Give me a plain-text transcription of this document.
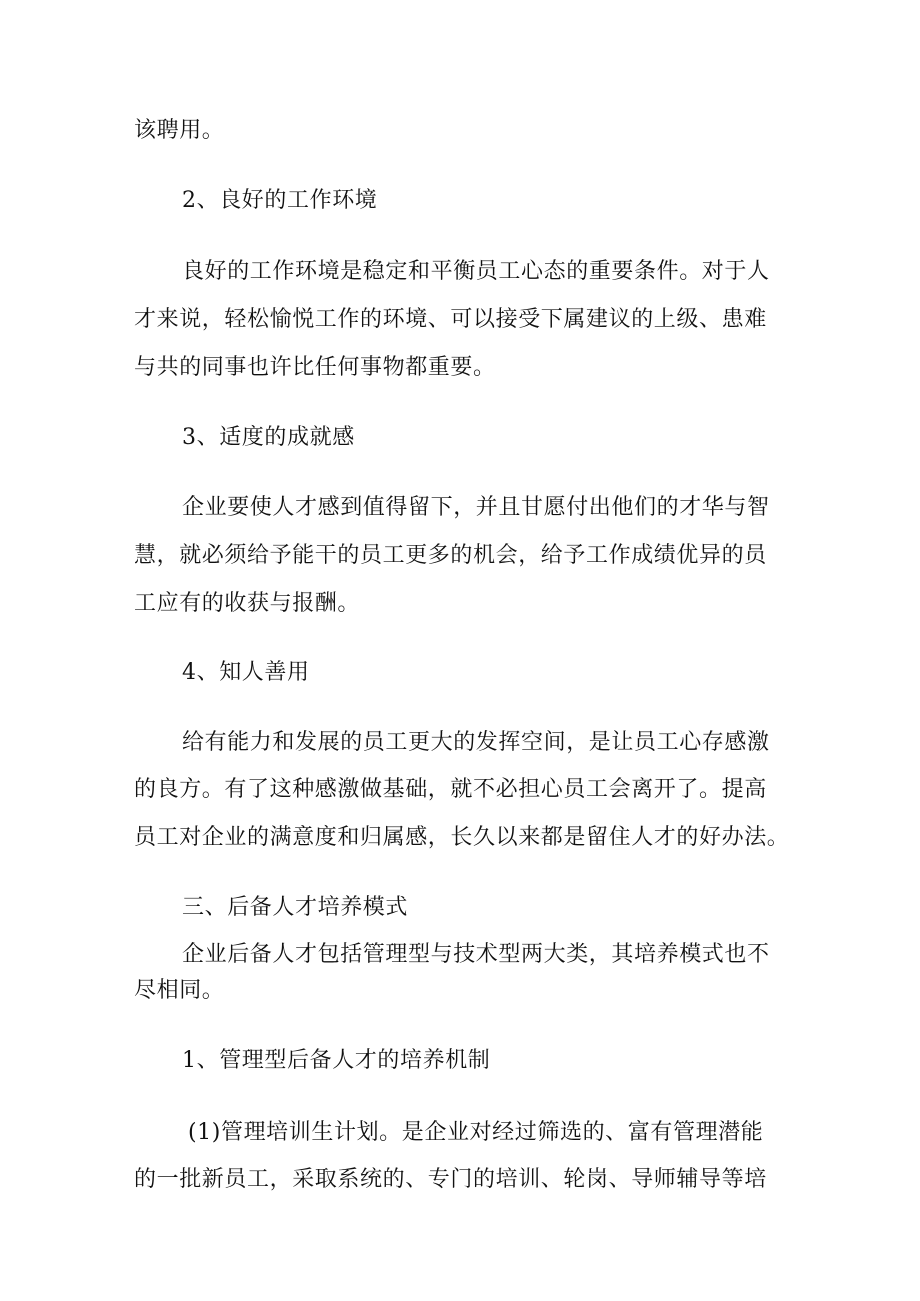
该聘用。
2、良好的工作环境
良好的工作环境是稳定和平衡员工心态的重要条件。对于人
才来说，轻松愉悦工作的环境、可以接受下属建议的上级、患难
与共的同事也许比任何事物都重要。
3、适度的成就感
企业要使人才感到值得留下，并且甘愿付出他们的才华与智
慧，就必须给予能干的员工更多的机会，给予工作成绩优异的员
工应有的收获与报酬。
4、知人善用
给有能力和发展的员工更大的发挥空间，是让员工心存感激
的良方。有了这种感激做基础，就不必担心员工会离开了。提高
员工对企业的满意度和归属感，长久以来都是留住人才的好办法。
三、后备人才培养模式
企业后备人才包括管理型与技术型两大类，其培养模式也不
尽相同。
1、管理型后备人才的培养机制
(1)管理培训生计划。是企业对经过筛选的、富有管理潜能
的一批新员工，采取系统的、专门的培训、轮岗、导师辅导等培
